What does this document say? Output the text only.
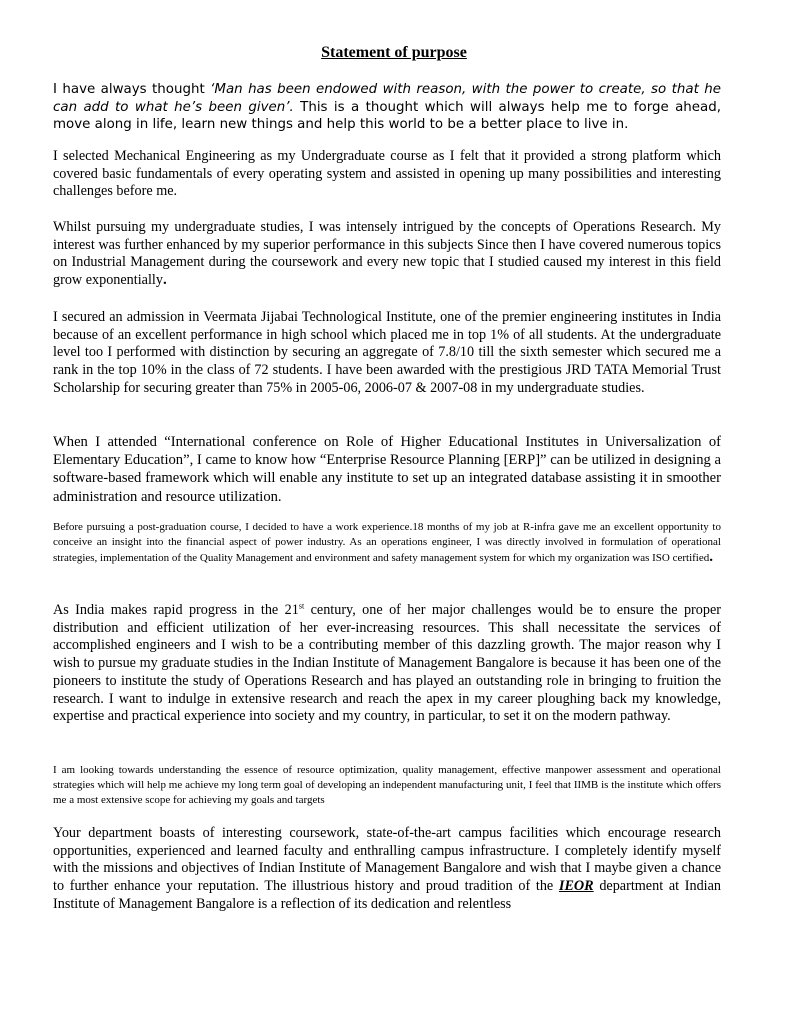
Statement of purpose

I have always thought ‘Man has been endowed with reason, with the power to create, so that he can add to what he’s been given’. This is a thought which will always help me to forge ahead, move along in life, learn new things and help this world to be a better place to live in.

I selected Mechanical Engineering as my Undergraduate course as I felt that it provided a strong platform which covered basic fundamentals of every operating system and assisted in opening up many possibilities and interesting challenges before me.

Whilst pursuing my undergraduate studies, I was intensely intrigued by the concepts of Operations Research. My interest was further enhanced by my superior performance in this subjects Since then I have covered numerous topics on Industrial Management during the coursework and every new topic that I studied caused my interest in this field grow exponentially.

I secured an admission in Veermata Jijabai Technological Institute, one of the premier engineering institutes in India because of an excellent performance in high school which placed me in top 1% of all students. At the undergraduate level too I performed with distinction by securing an aggregate of 7.8/10 till the sixth semester which secured me a rank in the top 10% in the class of 72 students. I have been awarded with the prestigious JRD TATA Memorial Trust Scholarship for securing greater than 75% in 2005-06, 2006-07 & 2007-08 in my undergraduate studies.

When I attended “International conference on Role of Higher Educational Institutes in Universalization of Elementary Education”, I came to know how “Enterprise Resource Planning [ERP]” can be utilized in designing a software-based framework which will enable any institute to set up an integrated database assisting it in smoother administration and resource utilization.

Before pursuing a post-graduation course, I decided to have a work experience.18 months of my job at R-infra gave me an excellent opportunity to conceive an insight into the financial aspect of power industry. As an operations engineer, I was directly involved in formulation of operational strategies, implementation of the Quality Management and environment and safety management system for which my organization was ISO certified.

As India makes rapid progress in the 21st century, one of her major challenges would be to ensure the proper distribution and efficient utilization of her ever-increasing resources. This shall necessitate the services of accomplished engineers and I wish to be a contributing member of this dazzling growth. The major reason why I wish to pursue my graduate studies in the Indian Institute of Management Bangalore is because it has been one of the pioneers to institute the study of Operations Research and has played an outstanding role in bringing to fruition the research. I want to indulge in extensive research and reach the apex in my career ploughing back my knowledge, expertise and practical experience into society and my country, in particular, to set it on the modern pathway.

I am looking towards understanding the essence of resource optimization, quality management, effective manpower assessment and operational strategies which will help me achieve my long term goal of developing an independent manufacturing unit, I feel that IIMB is the institute which offers me a most extensive scope for achieving my goals and targets

Your department boasts of interesting coursework, state-of-the-art campus facilities which encourage research opportunities, experienced and learned faculty and enthralling campus infrastructure. I completely identify myself with the missions and objectives of Indian Institute of Management Bangalore and wish that I maybe given a chance to further enhance your reputation. The illustrious history and proud tradition of the IEOR department at Indian Institute of Management Bangalore is a reflection of its dedication and relentless
